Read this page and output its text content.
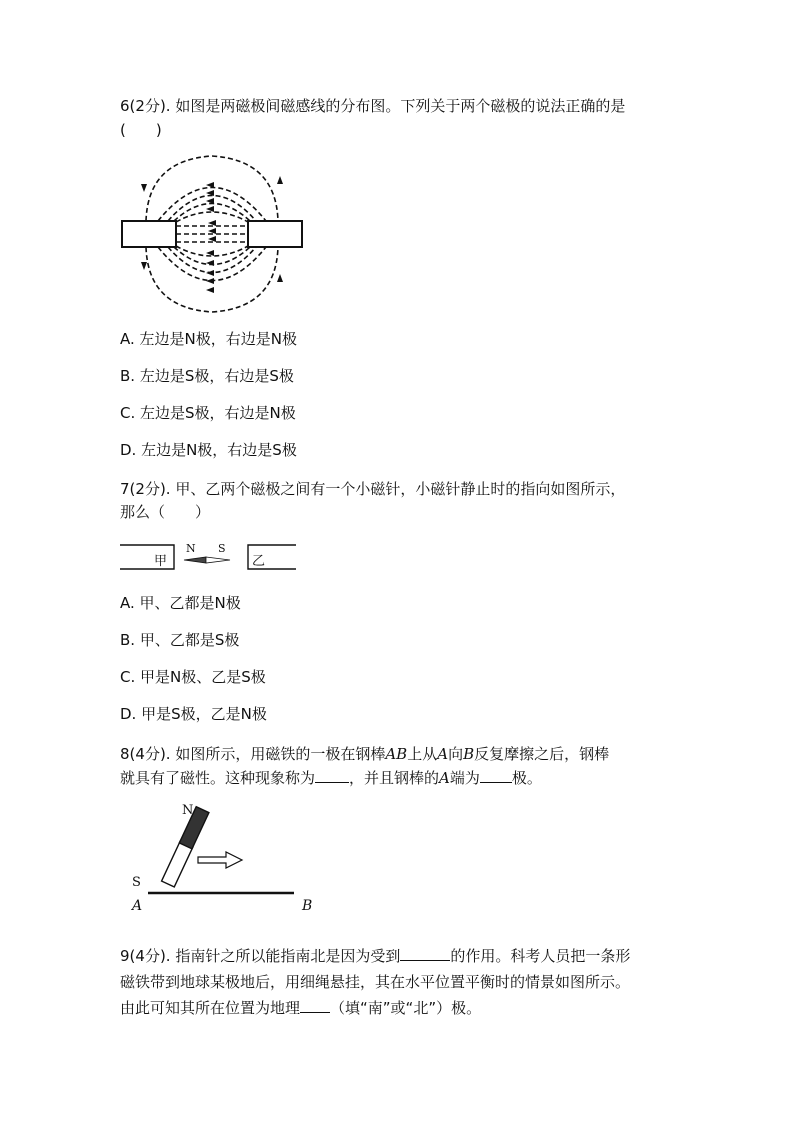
6(2分). 如图是两磁极间磁感线的分布图。下列关于两个磁极的说法正确的是
(　　)
A. 左边是N极，右边是N极
B. 左边是S极，右边是S极
C. 左边是S极，右边是N极
D. 左边是N极，右边是S极
7(2分). 甲、乙两个磁极之间有一个小磁针，小磁针静止时的指向如图所示，
那么（　　）
甲	乙
N S
A. 甲、乙都是N极
B. 甲、乙都是S极
C. 甲是N极、乙是S极
D. 甲是S极，乙是N极
8(4分). 如图所示，用磁铁的一极在钢棒AB上从A向B反复摩擦之后，钢棒
就具有了磁性。这种现象称为 ，并且钢棒的A端为 极。
N
S
A	B
9(4分). 指南针之所以能指南北是因为受到	的作用。科考人员把一条形
磁铁带到地球某极地后，用细绳悬挂，其在水平位置平衡时的情景如图所示。
由此可知其所在位置为地理 （填“南”或“北”）极。
